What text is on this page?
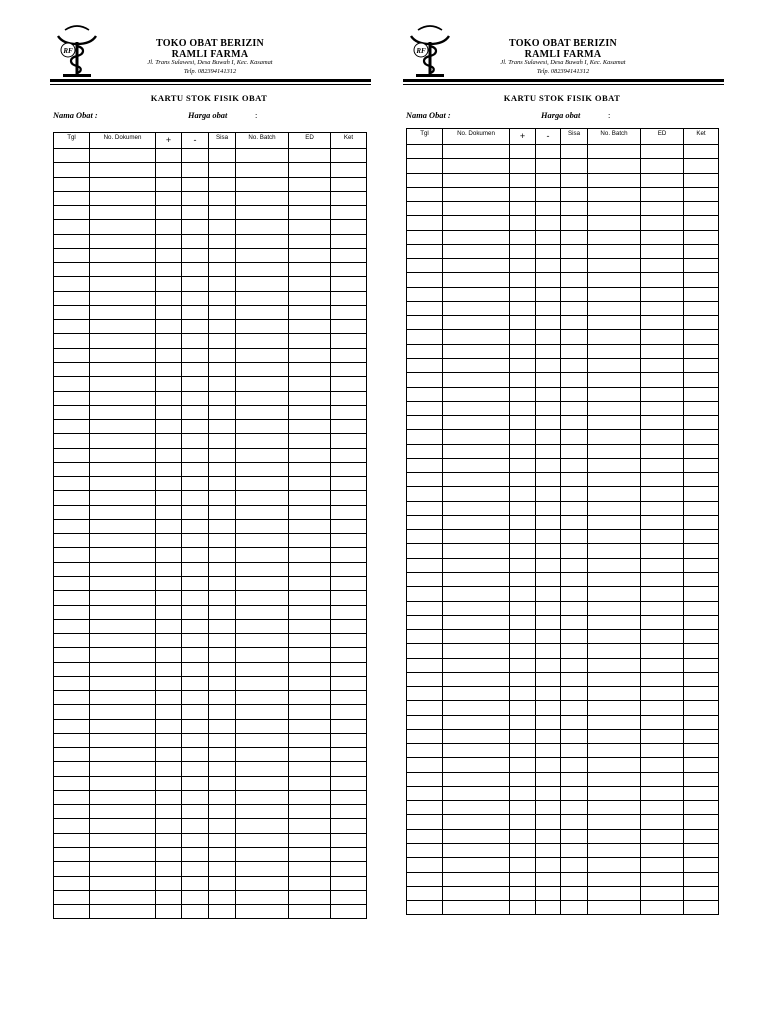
RF
TOKO OBAT BERIZIN
RAMLI FARMA
Jl. Trans Sulawesi, Desa Buwah I, Kec. Kasamat
Telp. 082394141312
KARTU STOK FISIK OBAT
Nama Obat :	Harga obat	:
Tgl	No. Dokumen	+	-	Sisa	No. Batch	ED	Ket

RF
TOKO OBAT BERIZIN
RAMLI FARMA
Jl. Trans Sulawesi, Desa Buwah I, Kec. Kasamat
Telp. 082394141312
KARTU STOK FISIK OBAT
Nama Obat :	Harga obat	:
Tgl	No. Dokumen	+	-	Sisa	No. Batch	ED	Ket
